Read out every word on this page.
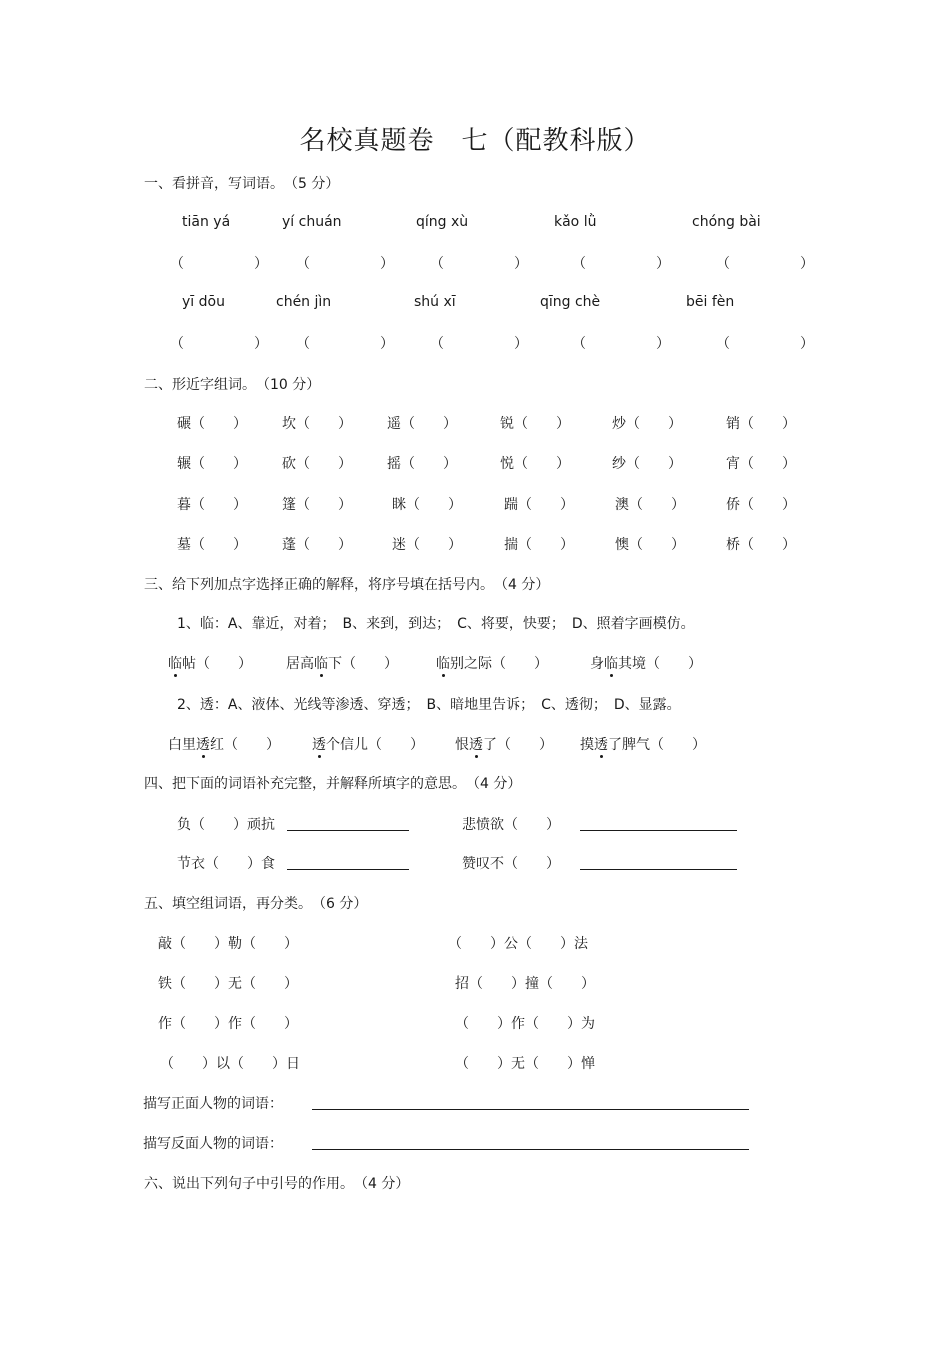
名校真题卷　七（配教科版）
一、看拼音，写词语。　（5 分）
tiān yá	yí chuán	qíng xù	kǎo lǜ	chóng bài
（　　　　　） （　　　　　）	（　　　　　）	（　　　　　）	（　　　　　）
yī dōu	chén jìn	shú xī	qīng chè	bēi fèn
（　　　　　） （　　　　　）	（　　　　　）	（　　　　　）	（　　　　　）
二、形近字组词。　（10 分）
碾（　　）	坎（　　）	遥（　　）	锐（　　）	炒（　　）	销（　　）
辗（　　）	砍（　　）	摇（　　）	悦（　　）	纱（　　）	宵（　　）
暮（　　）	篷（　　）	眯（　　）	踹（　　）	澳（　　）	侨（　　）
墓（　　）	蓬（　　）	迷（　　）	揣（　　）	懊（　　）	桥（　　）
三、给下列加点字选择正确的解释，将序号填在括号内。　（4 分）
1、临：A、靠近，对着；　B、来到，到达；　C、将要，快要；　D、照着字画模仿。
临帖（　　） 居高临下（　　）	临别之际（　　）	身临其境（　　）
2、透：A、液体、光线等渗透、穿透；　B、暗地里告诉；　C、透彻；　D、显露。
白里透红（　　） 透个信儿（　　） 恨透了（　　） 摸透了脾气（　　）
四、把下面的词语补充完整，并解释所填字的意思。　（4 分）
负（　　）顽抗	悲愤欲（　　）
节衣（　　）食	赞叹不（　　）
五、填空组词语，再分类。　（6 分）
敲（　　）勒（　　）	（　　）公（　　）法
铁（　　）无（　　）	招（　　）撞（　　）
作（　　）作（　　）	（　　）作（　　）为
（　　）以（　　）日	（　　）无（　　）惮
描写正面人物的词语：
描写反面人物的词语：
六、说出下列句子中引号的作用。　（4 分）
